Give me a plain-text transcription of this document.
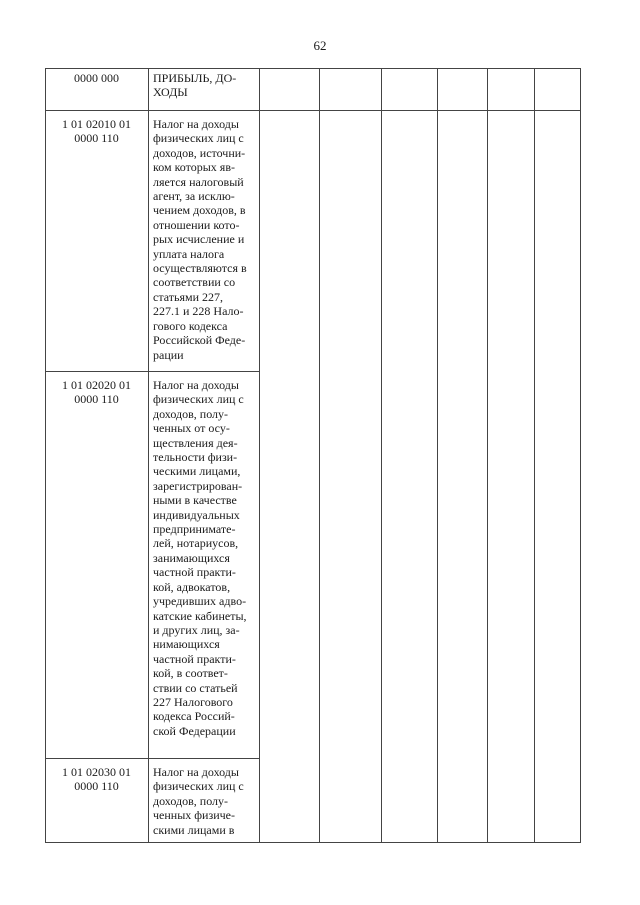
62
0000 000	ПРИБЫЛЬ, ДО-
ХОДЫ
1 01 02010 01
0000 110
Налог на доходы
физических лиц с
доходов, источни-
ком которых яв-
ляется налоговый
агент, за исклю-
чением доходов, в
отношении кото-
рых исчисление и
уплата налога
осуществляются в
соответствии со
статьями 227,
227.1 и 228 Нало-
гового кодекса
Российской Феде-
рации
1 01 02020 01
0000 110
Налог на доходы
физических лиц с
доходов, полу-
ченных от осу-
ществления дея-
тельности физи-
ческими лицами,
зарегистрирован-
ными в качестве
индивидуальных
предпринимате-
лей, нотариусов,
занимающихся
частной практи-
кой, адвокатов,
учредивших адво-
катские кабинеты,
и других лиц, за-
нимающихся
частной практи-
кой, в соответ-
ствии со статьей
227 Налогового
кодекса Россий-
ской Федерации
1 01 02030 01
0000 110
Налог на доходы
физических лиц с
доходов, полу-
ченных физиче-
скими лицами в
